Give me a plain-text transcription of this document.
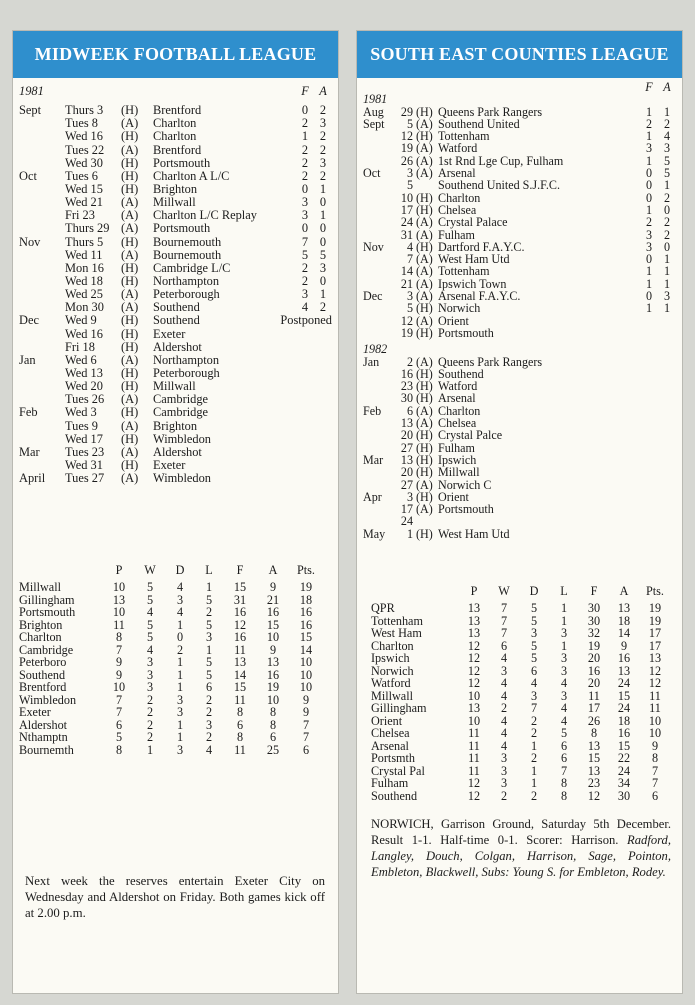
MIDWEEK FOOTBALL LEAGUE
1981	F A
Sept	Thurs 3	(H)	Brentford	0 2
Tues 8	(A)	Charlton	2 3
Wed 16	(H)	Charlton	1 2
Tues 22	(A)	Brentford	2 2
Wed 30	(H)	Portsmouth	2 3
Oct	Tues 6	(H)	Charlton A L/C	2 2
Wed 15	(H)	Brighton	0 1
Wed 21	(A)	Millwall	3 0
Fri 23	(A)	Charlton L/C Replay	3 1
Thurs 29 (A)	Portsmouth	0 0
Nov	Thurs 5	(H)	Bournemouth	7 0
Wed 11	(A)	Bournemouth	5 5
Mon 16	(H)	Cambridge L/C	2 3
Wed 18	(H)	Northampton	2 0
Wed 25	(A)	Peterborough	3 1
Mon 30	(A)	Southend	4 2
Dec	Wed 9	(H)	Southend	Postponed
Wed 16	(H)	Exeter
Fri 18	(H)	Aldershot
Jan	Wed 6	(A)	Northampton
Wed 13	(H)	Peterborough
Wed 20	(H)	Millwall
Tues 26	(A)	Cambridge
Feb	Wed 3	(H)	Cambridge
Tues 9	(A)	Brighton
Wed 17	(H)	Wimbledon
Mar	Tues 23	(A)	Aldershot
Wed 31	(H)	Exeter
April	Tues 27	(A)	Wimbledon
	P	W	D	L	F	A	Pts.
Millwall	10	5	4	1	15	9	19
Gillingham	13	5	3	5	31	21	18
Portsmouth	10	4	4	2	16	16	16
Brighton	11	5	1	5	12	15	16
Charlton	8	5	0	3	16	10	15
Cambridge	7	4	2	1	11	9	14
Peterboro	9	3	1	5	13	13	10
Southend	9	3	1	5	14	16	10
Brentford	10	3	1	6	15	19	10
Wimbledon	7	2	3	2	11	10	9
Exeter	7	2	3	2	8	8	9
Aldershot	6	2	1	3	6	8	7
Nthamptn	5	2	1	2	8	6	7
Bournemth	8	1	3	4	11	25	6
Next week the reserves entertain Exeter City on Wednesday and Aldershot on Friday. Both games kick off at 2.00 p.m.
SOUTH EAST COUNTIES LEAGUE
F A
1981
Aug	29 (H) Queens Park Rangers	1 1
Sept	5 (A) Southend United	2 2
12 (H) Tottenham	1 4
19 (A) Watford	3 3
26 (A) 1st Rnd Lge Cup, Fulham	1 5
Oct	3 (A) Arsenal	0 5
5 Southend United S.J.F.C.	0 1
10 (H) Charlton	0 2
17 (H) Chelsea	1 0
24 (A) Crystal Palace	2 2
31 (A) Fulham	3 2
Nov	4 (H) Dartford F.A.Y.C.	3 0
7 (A) West Ham Utd	0 1
14 (A) Tottenham	1 1
21 (A) Ipswich Town	1 1
Dec	3 (A) Arsenal F.A.Y.C.	0 3
5 (H) Norwich	1 1
12 (A) Orient
19 (H) Portsmouth
1982
Jan	2 (A) Queens Park Rangers
16 (H) Southend
23 (H) Watford
30 (H) Arsenal
Feb	6 (A) Charlton
13 (A) Chelsea
20 (H) Crystal Palce
27 (H) Fulham
Mar	13 (H) Ipswich
20 (H) Millwall
27 (A) Norwich C
Apr	3 (H) Orient
17 (A) Portsmouth
24
May	1 (H) West Ham Utd
	P	W	D	L	F	A	Pts.
QPR	13	7	5	1	30	13	19
Tottenham	13	7	5	1	30	18	19
West Ham	13	7	3	3	32	14	17
Charlton	12	6	5	1	19	9	17
Ipswich	12	4	5	3	20	16	13
Norwich	12	3	6	3	16	13	12
Watford	12	4	4	4	20	24	12
Millwall	10	4	3	3	11	15	11
Gillingham	13	2	7	4	17	24	11
Orient	10	4	2	4	26	18	10
Chelsea	11	4	2	5	8	16	10
Arsenal	11	4	1	6	13	15	9
Portsmth	11	3	2	6	15	22	8
Crystal Pal	11	3	1	7	13	24	7
Fulham	12	3	1	8	23	34	7
Southend	12	2	2	8	12	30	6
NORWICH, Garrison Ground, Saturday 5th December. Result 1-1. Half-time 0-1. Scorer: Harrison. Radford, Langley, Douch, Colgan, Harrison, Sage, Pointon, Embleton, Blackwell, Subs: Young S. for Embleton, Rodey.
